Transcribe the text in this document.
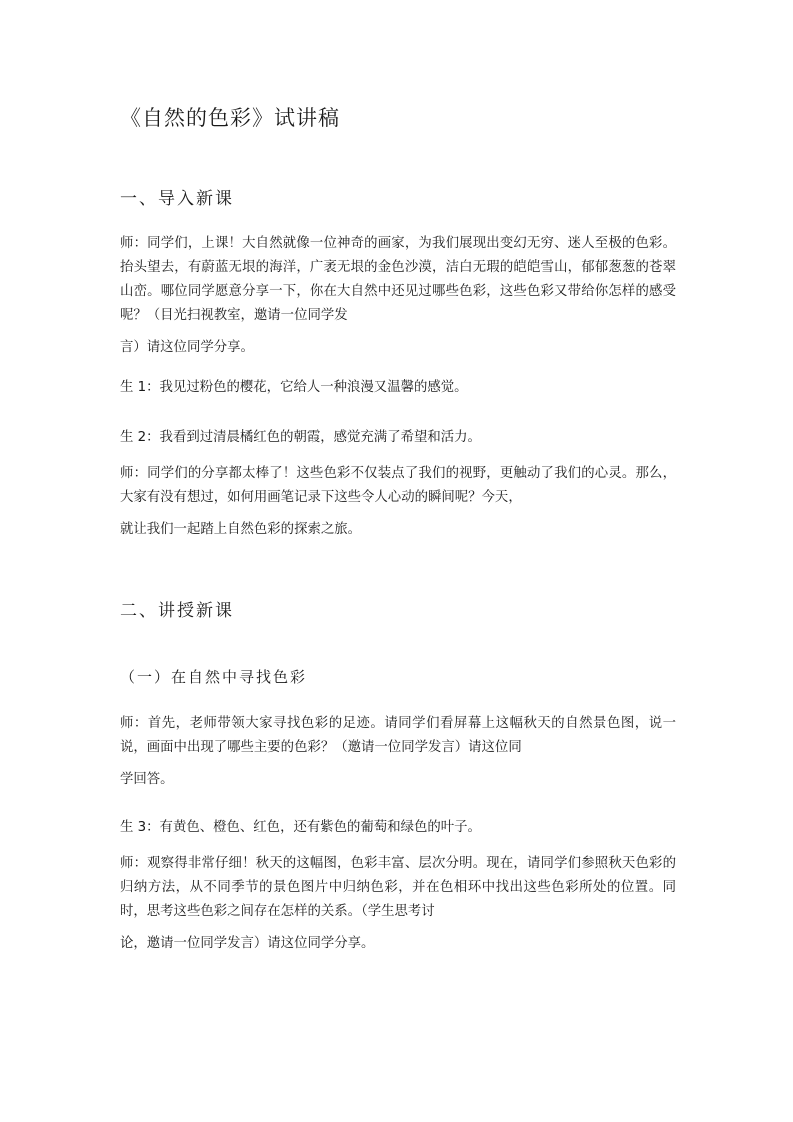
《自然的色彩》试讲稿
一、导入新课
师：同学们，上课！大自然就像一位神奇的画家，为我们展现出变幻无穷、迷人至极的色彩。抬头望去，有蔚蓝无垠的海洋，广袤无垠的金色沙漠，洁白无瑕的皑皑雪山，郁郁葱葱的苍翠山峦。哪位同学愿意分享一下，你在大自然中还见过哪些色彩，这些色彩又带给你怎样的感受呢？（目光扫视教室，邀请一位同学发
言）请这位同学分享。
生 1：我见过粉色的樱花，它给人一种浪漫又温馨的感觉。
生 2：我看到过清晨橘红色的朝霞，感觉充满了希望和活力。
师：同学们的分享都太棒了！这些色彩不仅装点了我们的视野，更触动了我们的心灵。那么，大家有没有想过，如何用画笔记录下这些令人心动的瞬间呢？今天，
就让我们一起踏上自然色彩的探索之旅。
二、讲授新课
（一）在自然中寻找色彩
师：首先，老师带领大家寻找色彩的足迹。请同学们看屏幕上这幅秋天的自然景色图，说一说，画面中出现了哪些主要的色彩？（邀请一位同学发言）请这位同
学回答。
生 3：有黄色、橙色、红色，还有紫色的葡萄和绿色的叶子。
师：观察得非常仔细！秋天的这幅图，色彩丰富、层次分明。现在，请同学们参照秋天色彩的归纳方法，从不同季节的景色图片中归纳色彩，并在色相环中找出这些色彩所处的位置。同时，思考这些色彩之间存在怎样的关系。（学生思考讨
论，邀请一位同学发言）请这位同学分享。
